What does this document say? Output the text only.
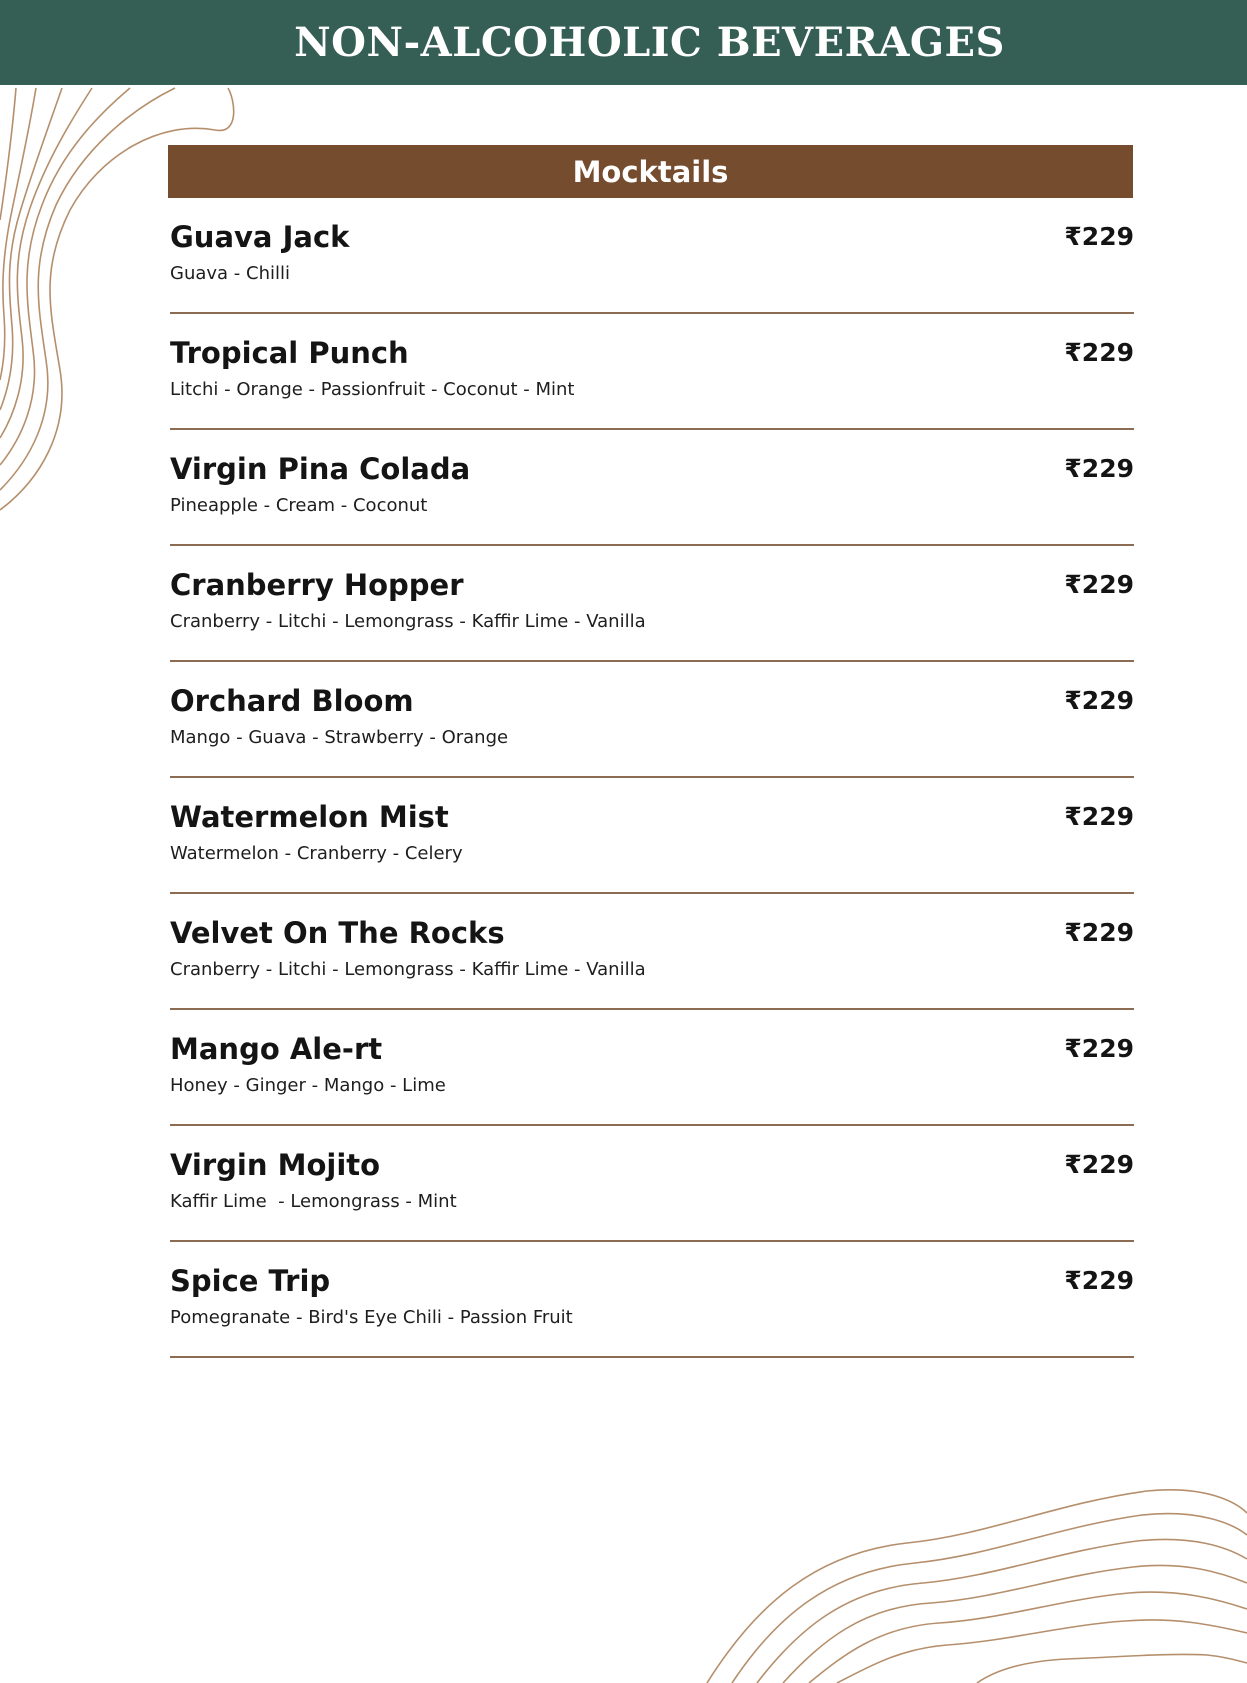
NON-ALCOHOLIC BEVERAGES
Mocktails
Guava Jack
Guava - Chilli
₹229
Tropical Punch
Litchi - Orange - Passionfruit - Coconut - Mint
₹229
Virgin Pina Colada
Pineapple - Cream - Coconut
₹229
Cranberry Hopper
Cranberry - Litchi - Lemongrass - Kaffir Lime - Vanilla
₹229
Orchard Bloom
Mango - Guava - Strawberry - Orange
₹229
Watermelon Mist
Watermelon - Cranberry - Celery
₹229
Velvet On The Rocks
Cranberry - Litchi - Lemongrass - Kaffir Lime - Vanilla
₹229
Mango Ale-rt
Honey - Ginger - Mango - Lime
₹229
Virgin Mojito
Kaffir Lime  - Lemongrass - Mint
₹229
Spice Trip
Pomegranate - Bird's Eye Chili - Passion Fruit
₹229
